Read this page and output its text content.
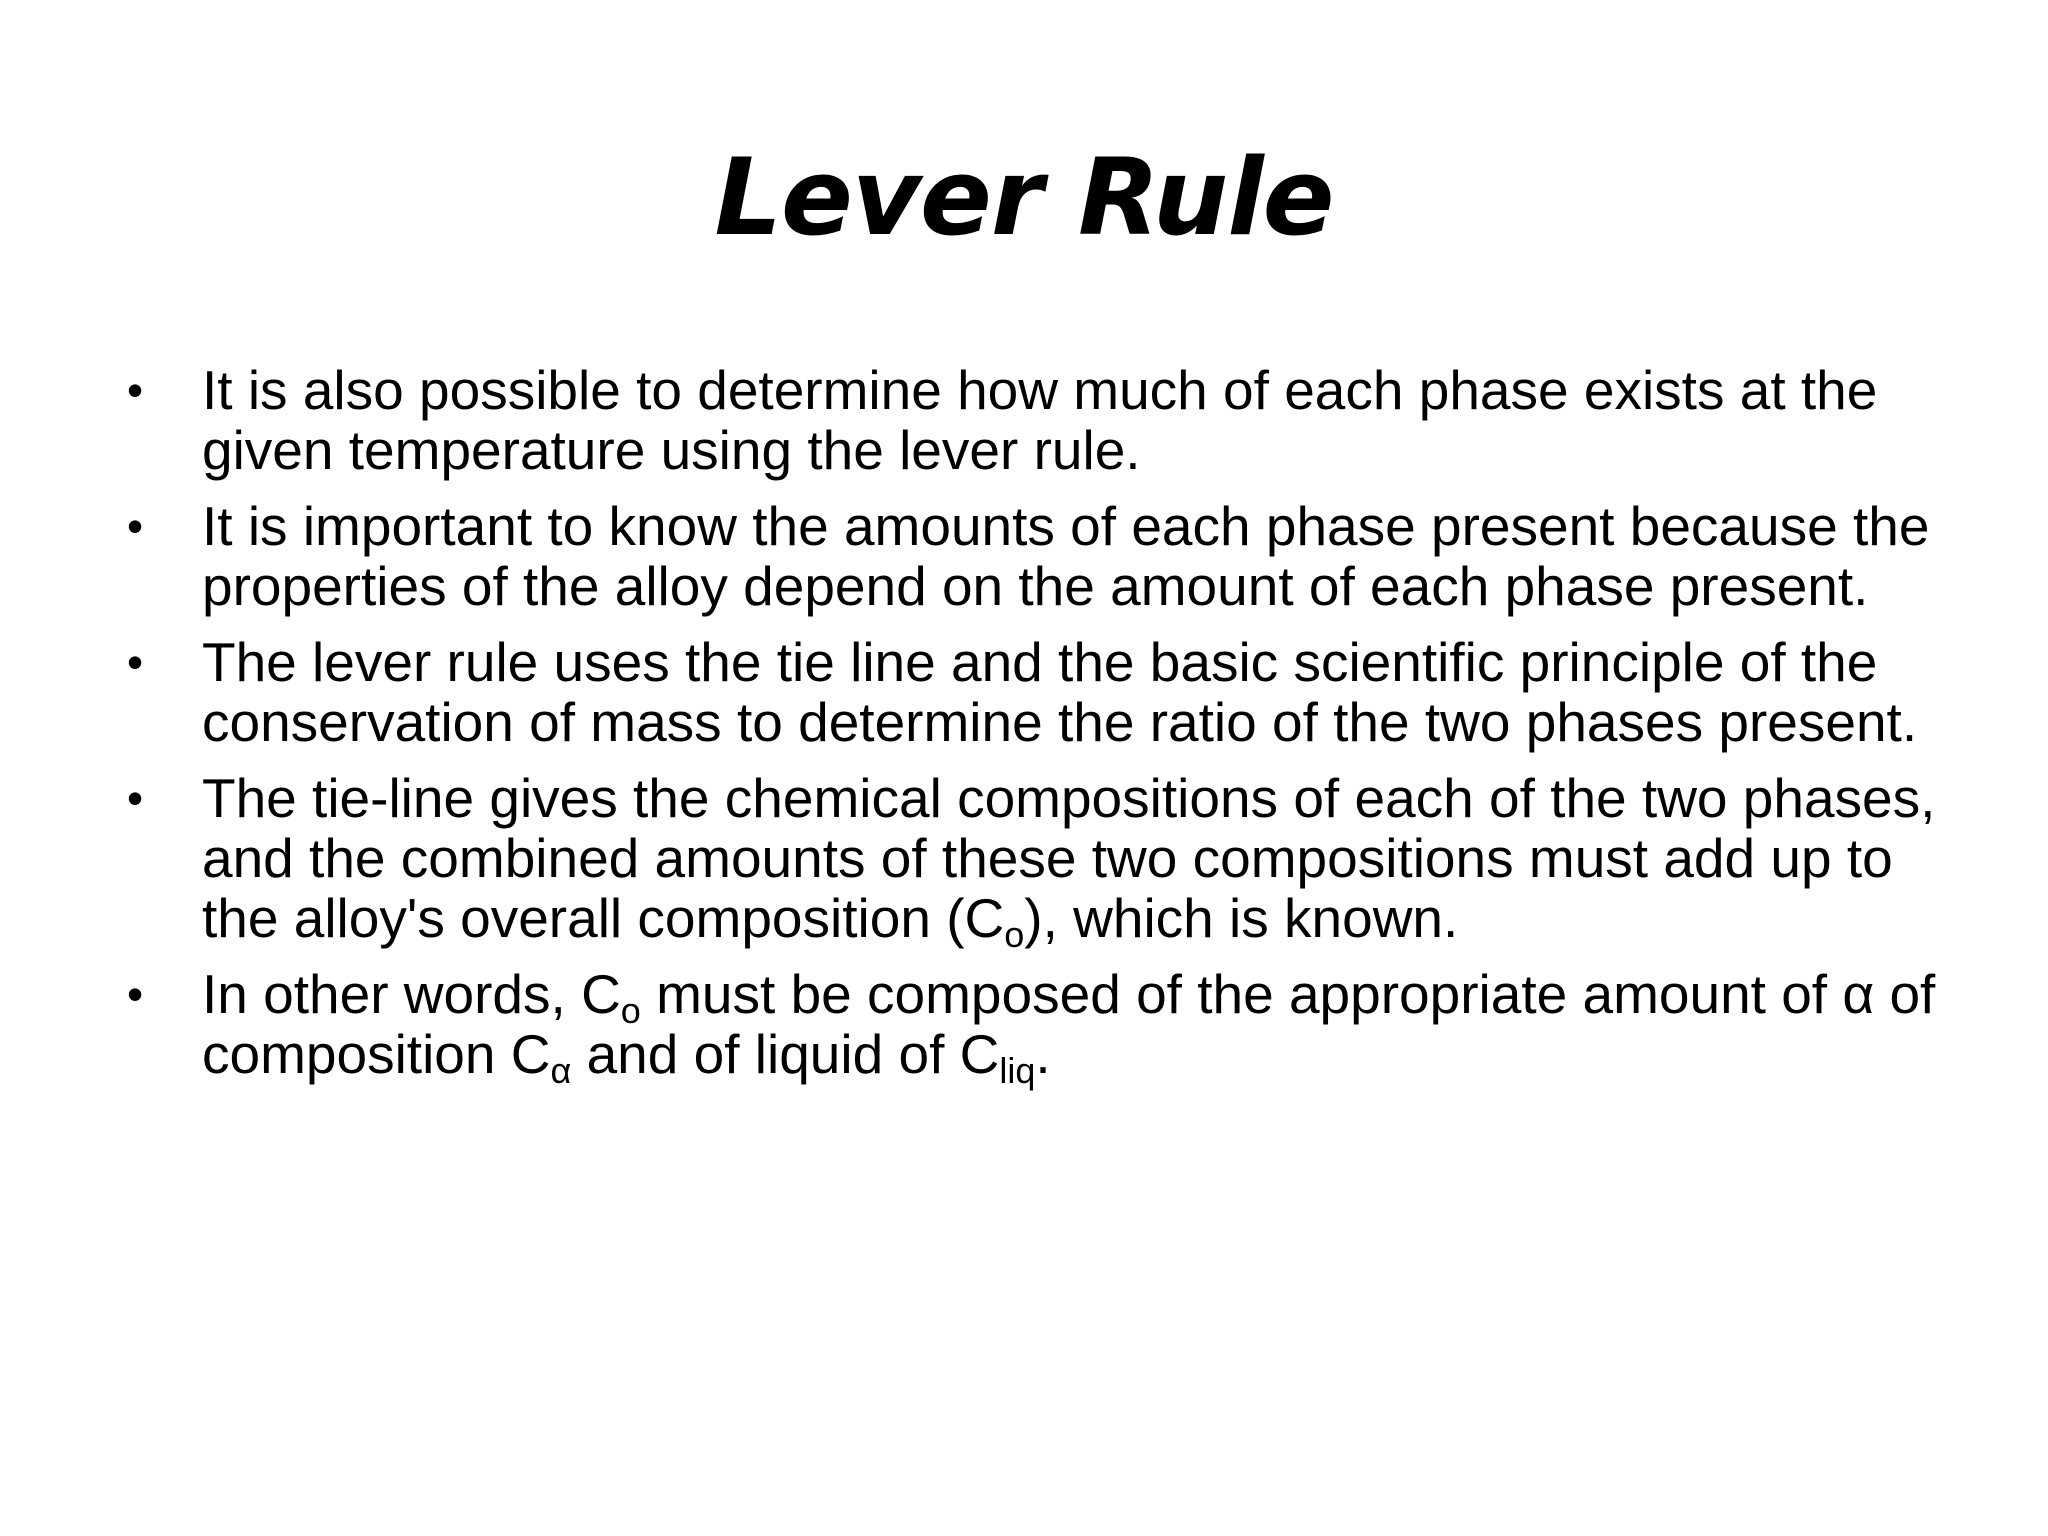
Lever Rule
• It is also possible to determine how much of each phase exists at the given temperature using the lever rule.
• It is important to know the amounts of each phase present because the properties of the alloy depend on the amount of each phase present.
• The lever rule uses the tie line and the basic scientific principle of the conservation of mass to determine the ratio of the two phases present.
• The tie-line gives the chemical compositions of each of the two phases, and the combined amounts of these two compositions must add up to the alloy's overall composition $(C_o)$, which is known.
• In other words, $C_o$ must be composed of the appropriate amount of α of composition $C_\alpha$ and of liquid of $C_{liq}$.
